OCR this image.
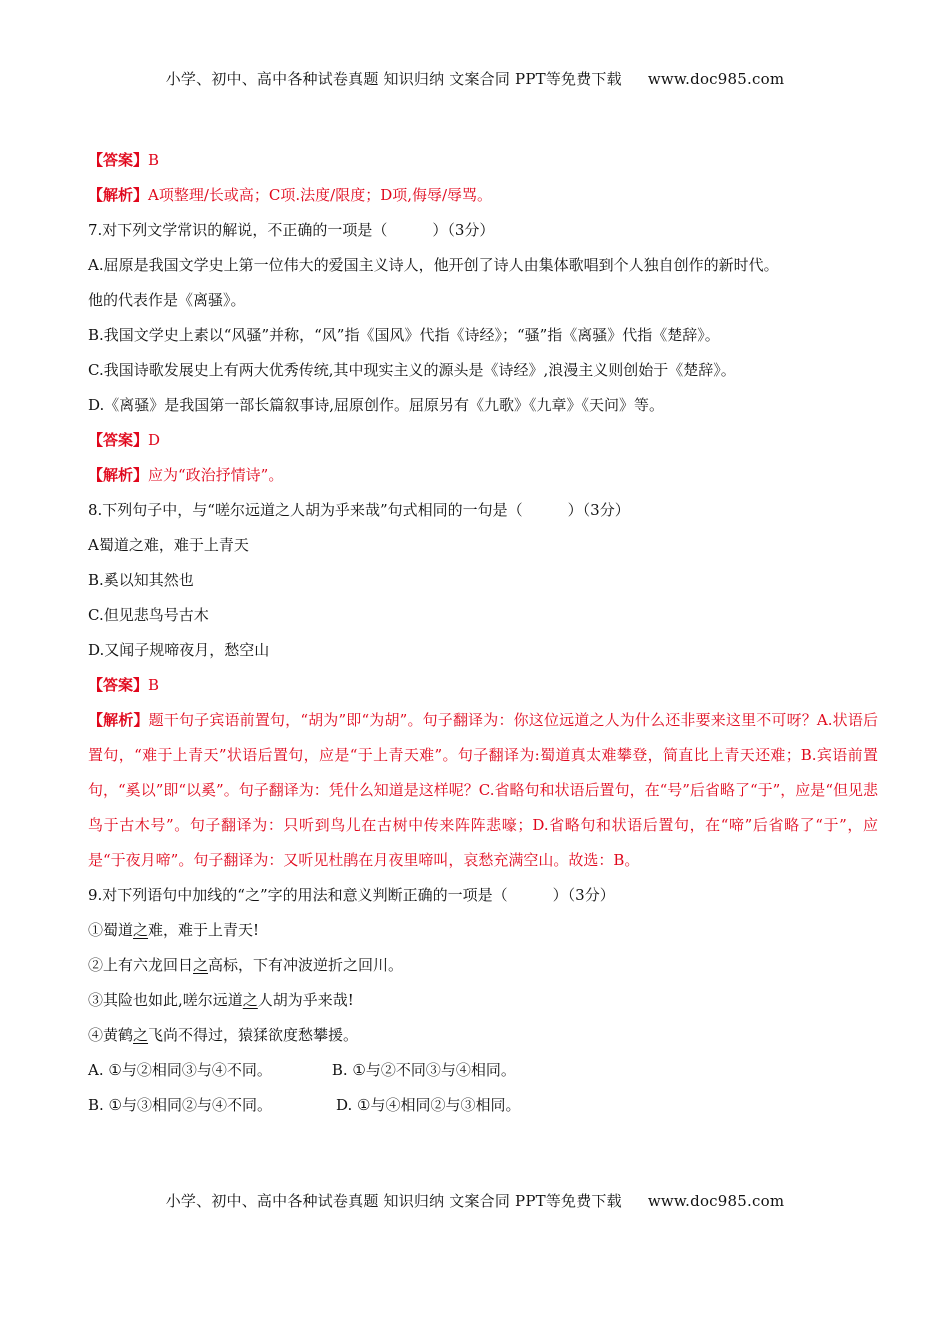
小学、初中、高中各种试卷真题 知识归纳 文案合同 PPT等免费下载 www.doc985.com
【答案】B
【解析】A项整理/长或高；C项.法度/限度；D项,侮辱/辱骂。
7.对下列文学常识的解说，不正确的一项是（　　　）（3分）
A.屈原是我国文学史上第一位伟大的爱国主义诗人，他开创了诗人由集体歌唱到个人独自创作的新时代。
他的代表作是《离骚》。
B.我国文学史上素以“风骚”并称，“风”指《国风》代指《诗经》；“骚”指《离骚》代指《楚辞》。
C.我国诗歌发展史上有两大优秀传统,其中现实主义的源头是《诗经》,浪漫主义则创始于《楚辞》。
D.《离骚》是我国第一部长篇叙事诗,屈原创作。屈原另有《九歌》《九章》《天问》等。
【答案】D
【解析】应为“政治抒情诗”。
8.下列句子中，与“嗟尔远道之人胡为乎来哉”句式相同的一句是（　　　）（3分）
A蜀道之难，难于上青天
B.奚以知其然也
C.但见悲鸟号古木
D.又闻子规啼夜月，愁空山
【答案】B
【解析】题干句子宾语前置句，“胡为”即“为胡”。句子翻译为：你这位远道之人为什么还非要来这里不可呀？A.状语后置句，“难于上青天”状语后置句，应是“于上青天难”。句子翻译为:蜀道真太难攀登，简直比上青天还难；B.宾语前置句，“奚以”即“以奚”。句子翻译为：凭什么知道是这样呢？C.省略句和状语后置句，在“号”后省略了“于”，应是“但见悲鸟于古木号”。句子翻译为：只听到鸟儿在古树中传来阵阵悲嚎；D.省略句和状语后置句，在“啼”后省略了“于”，应是“于夜月啼”。句子翻译为：又听见杜鹃在月夜里啼叫，哀愁充满空山。故选：B。
9.对下列语句中加线的“之”字的用法和意义判断正确的一项是（　　　）（3分）
①蜀道之难，难于上青天!
②上有六龙回日之高标，下有冲波逆折之回川。
③其险也如此,嗟尔远道之人胡为乎来哉!
④黄鹤之飞尚不得过，猿猱欲度愁攀援。
A. ①与②相同③与④不同。	B. ①与②不同③与④相同。
B. ①与③相同②与④不同。	D. ①与④相同②与③相同。
小学、初中、高中各种试卷真题 知识归纳 文案合同 PPT等免费下载 www.doc985.com
